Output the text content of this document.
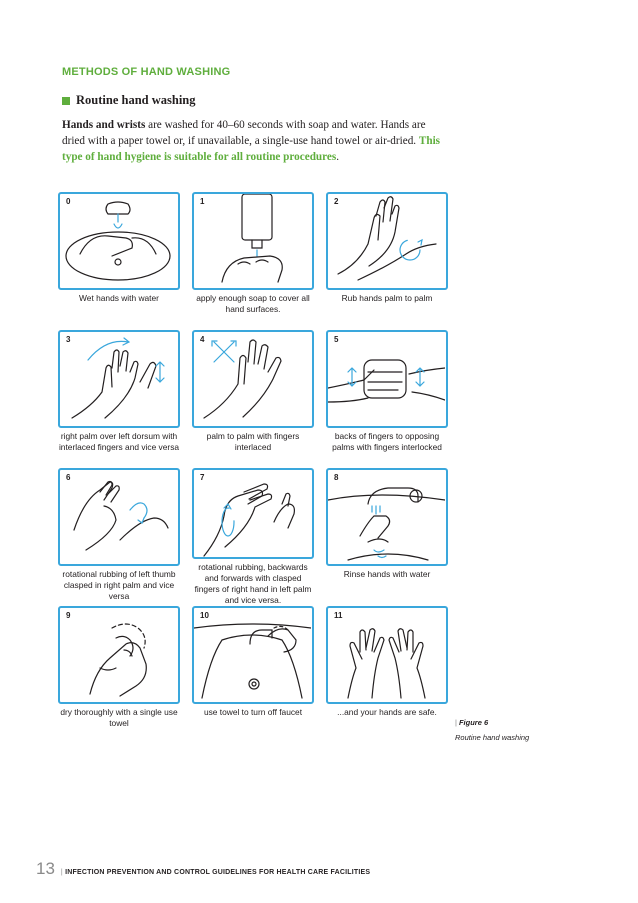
METHODS OF HAND WASHING
Routine hand washing

Hands and wrists are washed for 40–60 seconds with soap and water. Hands are dried with a paper towel or, if unavailable, a single-use hand towel or air-dried. This type of hand hygiene is suitable for all routine procedures.

0
Wet hands with water
1
apply enough soap to cover all hand surfaces.
2
Rub hands palm to palm
3
right palm over left dorsum with interlaced fingers and vice versa
4
palm to palm with fingers interlaced
5
backs of fingers to opposing palms with fingers interlocked
6
rotational rubbing of left thumb clasped in right palm and vice versa
7
rotational rubbing, backwards and forwards with clasped fingers of right hand in left palm and vice versa.
8
Rinse hands with water
9
dry thoroughly with a single use towel
10
use towel to turn off faucet
11
...and your hands are safe.
| Figure 6
Routine hand washing
13 | INFECTION PREVENTION AND CONTROL GUIDELINES FOR HEALTH CARE FACILITIES
